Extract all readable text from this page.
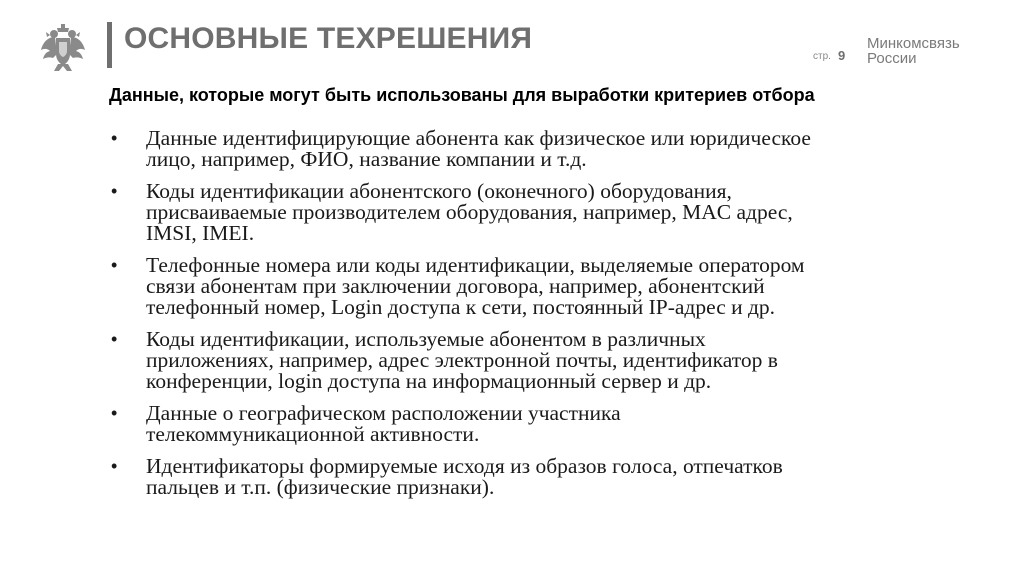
ОСНОВНЫЕ ТЕХРЕШЕНИЯ
стр. 9
Минкомсвязь
России
Данные, которые могут быть использованы для выработки критериев отбора
• Данные идентифицирующие абонента как физическое или юридическое
лицо, например, ФИО, название компании и т.д.
• Коды идентификации абонентского (оконечного) оборудования,
присваиваемые производителем оборудования, например, MAC адрес,
IMSI, IMEI.
• Телефонные номера или коды идентификации, выделяемые оператором
связи абонентам при заключении договора, например, абонентский
телефонный номер, Login доступа к сети, постоянный IP-адрес и др.
• Коды идентификации, используемые абонентом в различных
приложениях, например, адрес электронной почты, идентификатор в
конференции, login доступа на информационный сервер и др.
• Данные о географическом расположении участника
телекоммуникационной активности.
• Идентификаторы формируемые исходя из образов голоса, отпечатков
пальцев и т.п. (физические признаки).
